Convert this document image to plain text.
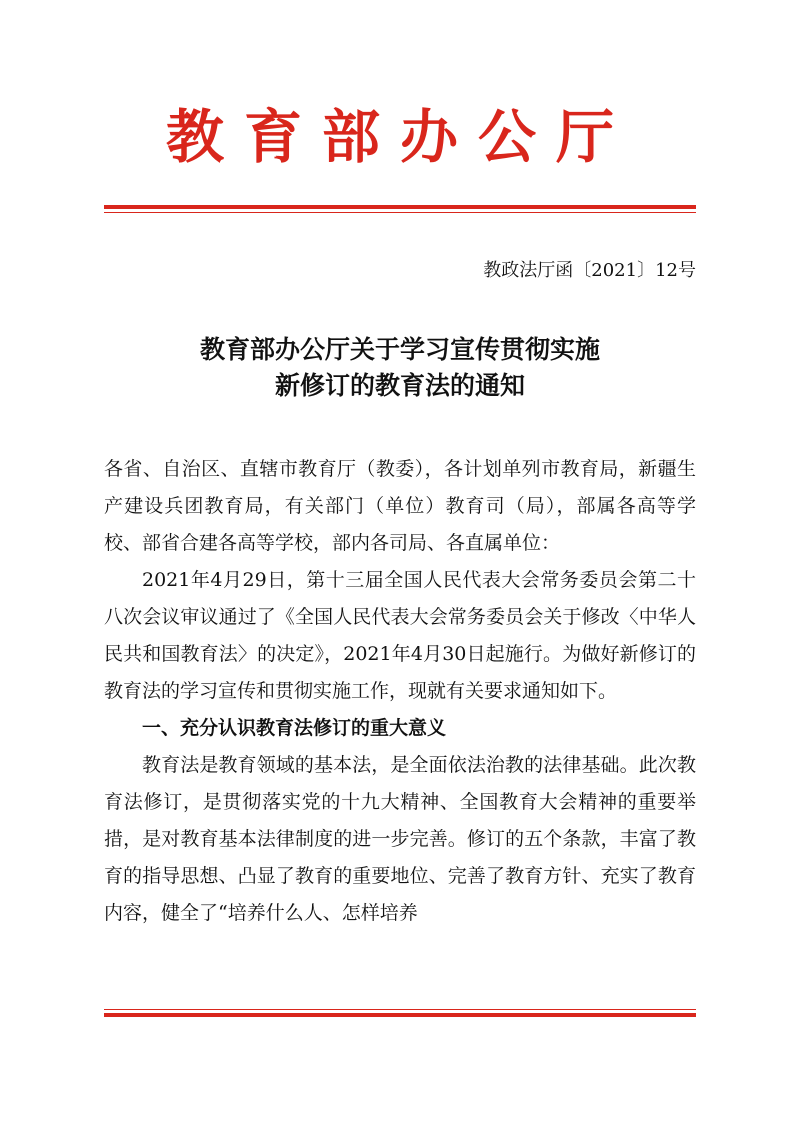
教育部办公厅
教政法厅函〔2021〕12号
教育部办公厅关于学习宣传贯彻实施
新修订的教育法的通知

各省、自治区、直辖市教育厅（教委），各计划单列市教育局，新疆生产建设兵团教育局，有关部门（单位）教育司（局），部属各高等学校、部省合建各高等学校，部内各司局、各直属单位：

2021年4月29日，第十三届全国人民代表大会常务委员会第二十八次会议审议通过了《全国人民代表大会常务委员会关于修改〈中华人民共和国教育法〉的决定》，2021年4月30日起施行。为做好新修订的教育法的学习宣传和贯彻实施工作，现就有关要求通知如下。

一、充分认识教育法修订的重大意义

教育法是教育领域的基本法，是全面依法治教的法律基础。此次教育法修订，是贯彻落实党的十九大精神、全国教育大会精神的重要举措，是对教育基本法律制度的进一步完善。修订的五个条款，丰富了教育的指导思想、凸显了教育的重要地位、完善了教育方针、充实了教育内容，健全了“培养什么人、怎样培养
